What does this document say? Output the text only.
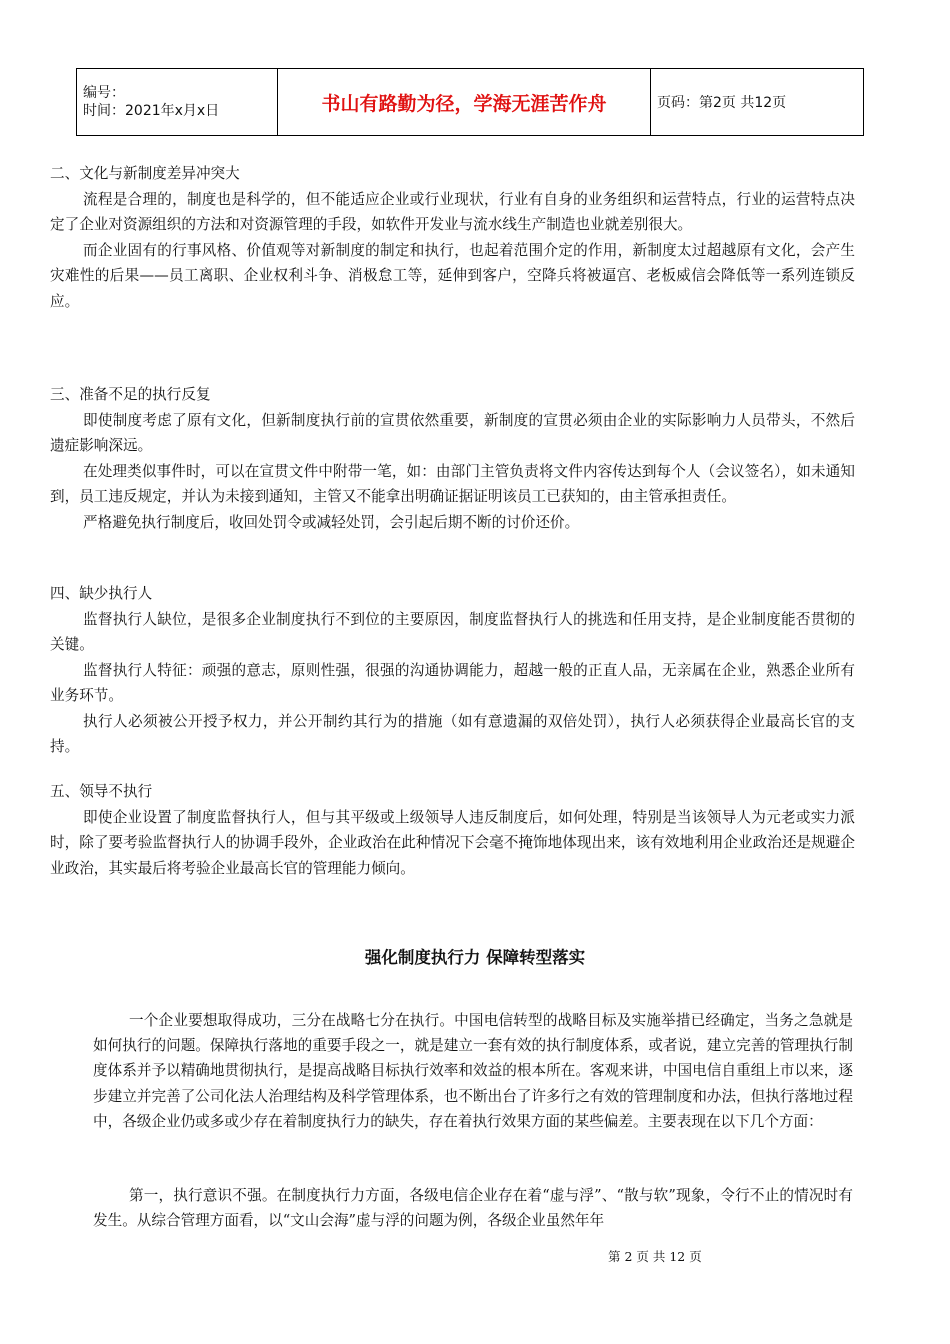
编号：
时间：2021年x月x日	书山有路勤为径，学海无涯苦作舟	页码：第2页 共12页

二、文化与新制度差异冲突大

流程是合理的，制度也是科学的，但不能适应企业或行业现状，行业有自身的业务组织和运营特点，行业的运营特点决定了企业对资源组织的方法和对资源管理的手段，如软件开发业与流水线生产制造也业就差别很大。

而企业固有的行事风格、价值观等对新制度的制定和执行，也起着范围介定的作用，新制度太过超越原有文化，会产生灾难性的后果——员工离职、企业权利斗争、消极怠工等，延伸到客户，空降兵将被逼宫、老板威信会降低等一系列连锁反应。

三、准备不足的执行反复

即使制度考虑了原有文化，但新制度执行前的宣贯依然重要，新制度的宣贯必须由企业的实际影响力人员带头，不然后遗症影响深远。

在处理类似事件时，可以在宣贯文件中附带一笔，如：由部门主管负责将文件内容传达到每个人（会议签名），如未通知到，员工违反规定，并认为未接到通知，主管又不能拿出明确证据证明该员工已获知的，由主管承担责任。

严格避免执行制度后，收回处罚令或减轻处罚，会引起后期不断的讨价还价。

四、缺少执行人

监督执行人缺位，是很多企业制度执行不到位的主要原因，制度监督执行人的挑选和任用支持，是企业制度能否贯彻的关键。

监督执行人特征：顽强的意志，原则性强，很强的沟通协调能力，超越一般的正直人品，无亲属在企业，熟悉企业所有业务环节。

执行人必须被公开授予权力，并公开制约其行为的措施（如有意遗漏的双倍处罚），执行人必须获得企业最高长官的支持。

五、领导不执行

即使企业设置了制度监督执行人，但与其平级或上级领导人违反制度后，如何处理，特别是当该领导人为元老或实力派时，除了要考验监督执行人的协调手段外，企业政治在此种情况下会毫不掩饰地体现出来，该有效地利用企业政治还是规避企业政治，其实最后将考验企业最高长官的管理能力倾向。

强化制度执行力 保障转型落实

一个企业要想取得成功，三分在战略七分在执行。中国电信转型的战略目标及实施举措已经确定，当务之急就是如何执行的问题。保障执行落地的重要手段之一，就是建立一套有效的执行制度体系，或者说，建立完善的管理执行制度体系并予以精确地贯彻执行，是提高战略目标执行效率和效益的根本所在。客观来讲，中国电信自重组上市以来，逐步建立并完善了公司化法人治理结构及科学管理体系，也不断出台了许多行之有效的管理制度和办法，但执行落地过程中，各级企业仍或多或少存在着制度执行力的缺失，存在着执行效果方面的某些偏差。主要表现在以下几个方面：

第一，执行意识不强。在制度执行力方面，各级电信企业存在着“虚与浮”、“散与软”现象，令行不止的情况时有发生。从综合管理方面看，以“文山会海”虚与浮的问题为例，各级企业虽然年年

第 2 页 共 12 页
